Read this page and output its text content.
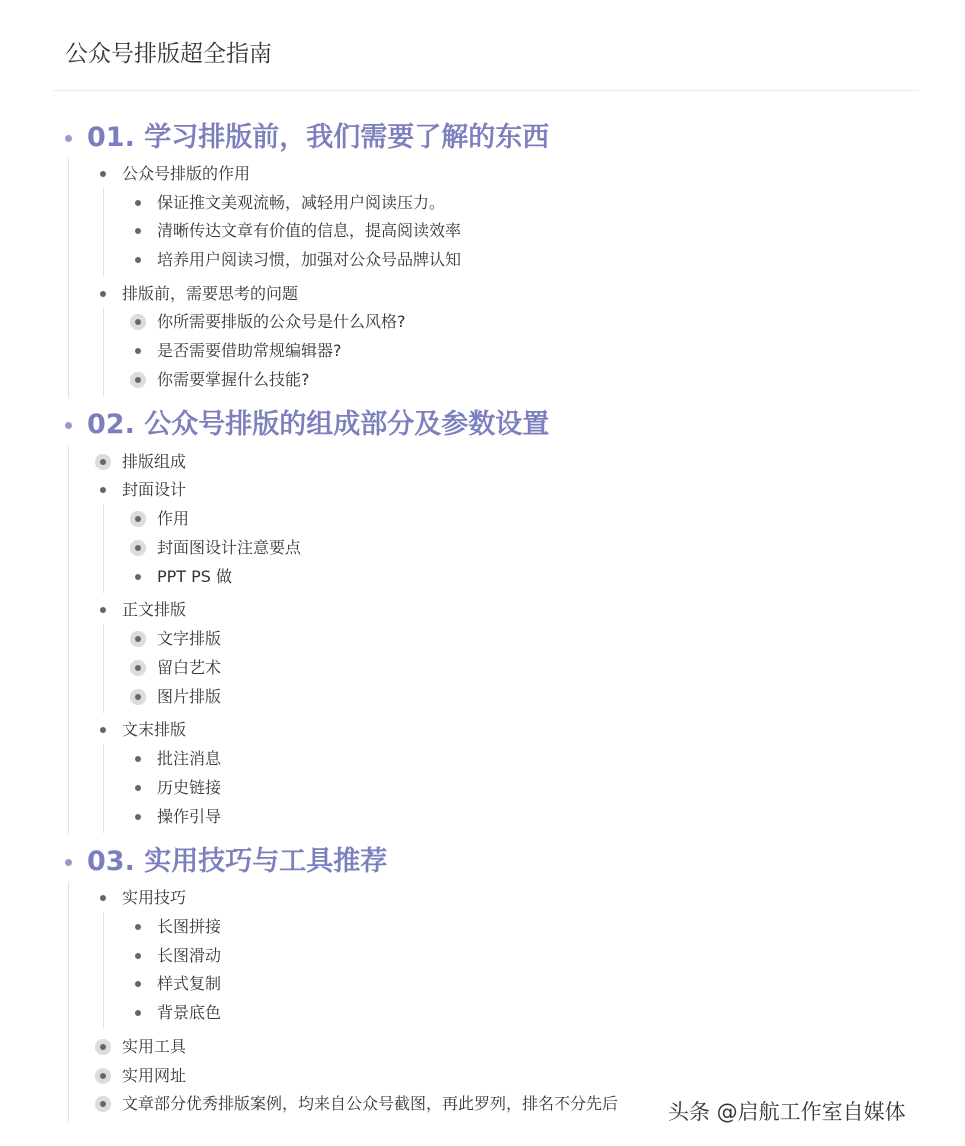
公众号排版超全指南
01. 学习排版前，我们需要了解的东西
公众号排版的作用
保证推文美观流畅，减轻用户阅读压力。
清晰传达文章有价值的信息，提高阅读效率
培养用户阅读习惯，加强对公众号品牌认知
排版前，需要思考的问题
你所需要排版的公众号是什么风格?
是否需要借助常规编辑器?
你需要掌握什么技能?
02. 公众号排版的组成部分及参数设置
排版组成
封面设计
作用
封面图设计注意要点
PPT PS 做
正文排版
文字排版
留白艺术
图片排版
文末排版
批注消息
历史链接
操作引导
03. 实用技巧与工具推荐
实用技巧
长图拼接
长图滑动
样式复制
背景底色
实用工具
实用网址
文章部分优秀排版案例，均来自公众号截图，再此罗列，排名不分先后 头条 @启航工作室自媒体
